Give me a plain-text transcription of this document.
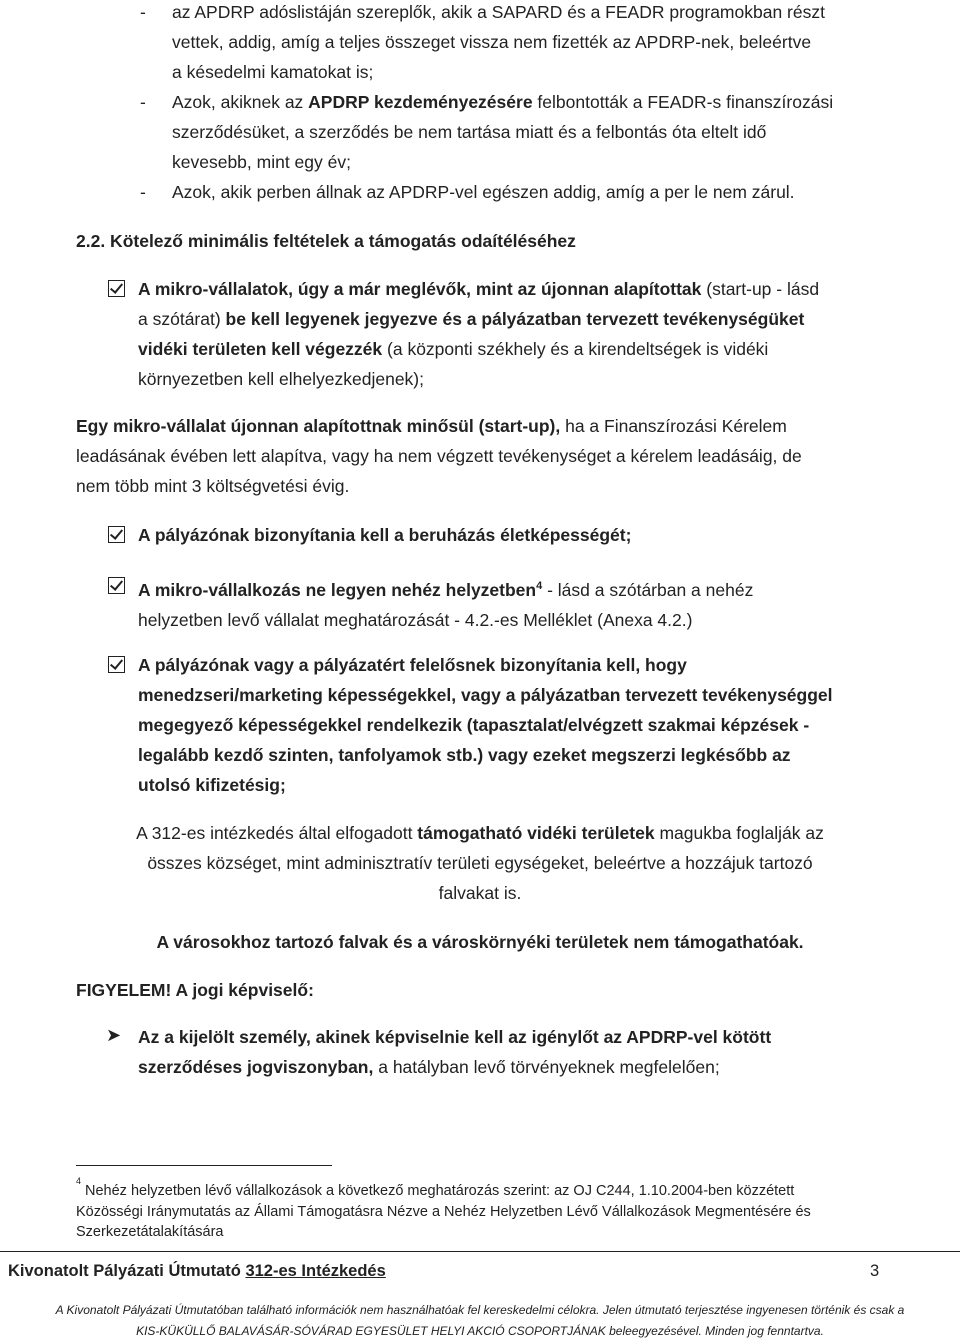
- az APDRP adóslistáján szereplők, akik a SAPARD és a FEADR programokban részt
vettek, addig, amíg a teljes összeget vissza nem fizették az APDRP-nek, beleértve
a késedelmi kamatokat is;
- Azok, akiknek az APDRP kezdeményezésére felbontották a FEADR-s finanszírozási
szerződésüket, a szerződés be nem tartása miatt és a felbontás óta eltelt idő
kevesebb, mint egy év;
- Azok, akik perben állnak az APDRP-vel egészen addig, amíg a per le nem zárul.
2.2. Kötelező minimális feltételek a támogatás odaítéléséhez
A mikro-vállalatok, úgy a már meglévők, mint az újonnan alapítottak (start-up - lásd
a szótárat) be kell legyenek jegyezve és a pályázatban tervezett tevékenységüket
vidéki területen kell végezzék (a központi székhely és a kirendeltségek is vidéki
környezetben kell elhelyezkedjenek);
Egy mikro-vállalat újonnan alapítottnak minősül (start-up), ha a Finanszírozási Kérelem
leadásának évében lett alapítva, vagy ha nem végzett tevékenységet a kérelem leadásáig, de
nem több mint 3 költségvetési évig.
A pályázónak bizonyítania kell a beruházás életképességét;
A mikro-vállalkozás ne legyen nehéz helyzetben$^4$ - lásd a szótárban a nehéz
helyzetben levő vállalat meghatározását - 4.2.-es Melléklet (Anexa 4.2.)
A pályázónak vagy a pályázatért felelősnek bizonyítania kell, hogy
menedzseri/marketing képességekkel, vagy a pályázatban tervezett tevékenységgel
megegyező képességekkel rendelkezik (tapasztalat/elvégzett szakmai képzések -
legalább kezdő szinten, tanfolyamok stb.) vagy ezeket megszerzi legkésőbb az
utolsó kifizetésig;
A 312-es intézkedés által elfogadott támogatható vidéki területek magukba foglalják az
összes községet, mint adminisztratív területi egységeket, beleértve a hozzájuk tartozó
falvakat is.
A városokhoz tartozó falvak és a városkörnyéki területek nem támogathatóak.
FIGYELEM! A jogi képviselő:
➤ Az a kijelölt személy, akinek képviselnie kell az igénylőt az APDRP-vel kötött
szerződéses jogviszonyban, a hatályban levő törvényeknek megfelelően;
4
Nehéz helyzetben lévő vállalkozások a következő meghatározás szerint: az OJ C244, 1.10.2004-ben közzétett
Közösségi Iránymutatás az Állami Támogatásra Nézve a Nehéz Helyzetben Lévő Vállalkozások Megmentésére és
Szerkezetátalakítására
Kivonatolt Pályázati Útmutató 312-es Intézkedés	3
A Kivonatolt Pályázati Útmutatóban található információk nem használhatóak fel kereskedelmi célokra. Jelen útmutató terjesztése ingyenesen történik és csak a
KIS-KÜKÜLLŐ BALAVÁSÁR-SÓVÁRAD EGYESÜLET HELYI AKCIÓ CSOPORTJÁNAK beleegyezésével. Minden jog fenntartva.
